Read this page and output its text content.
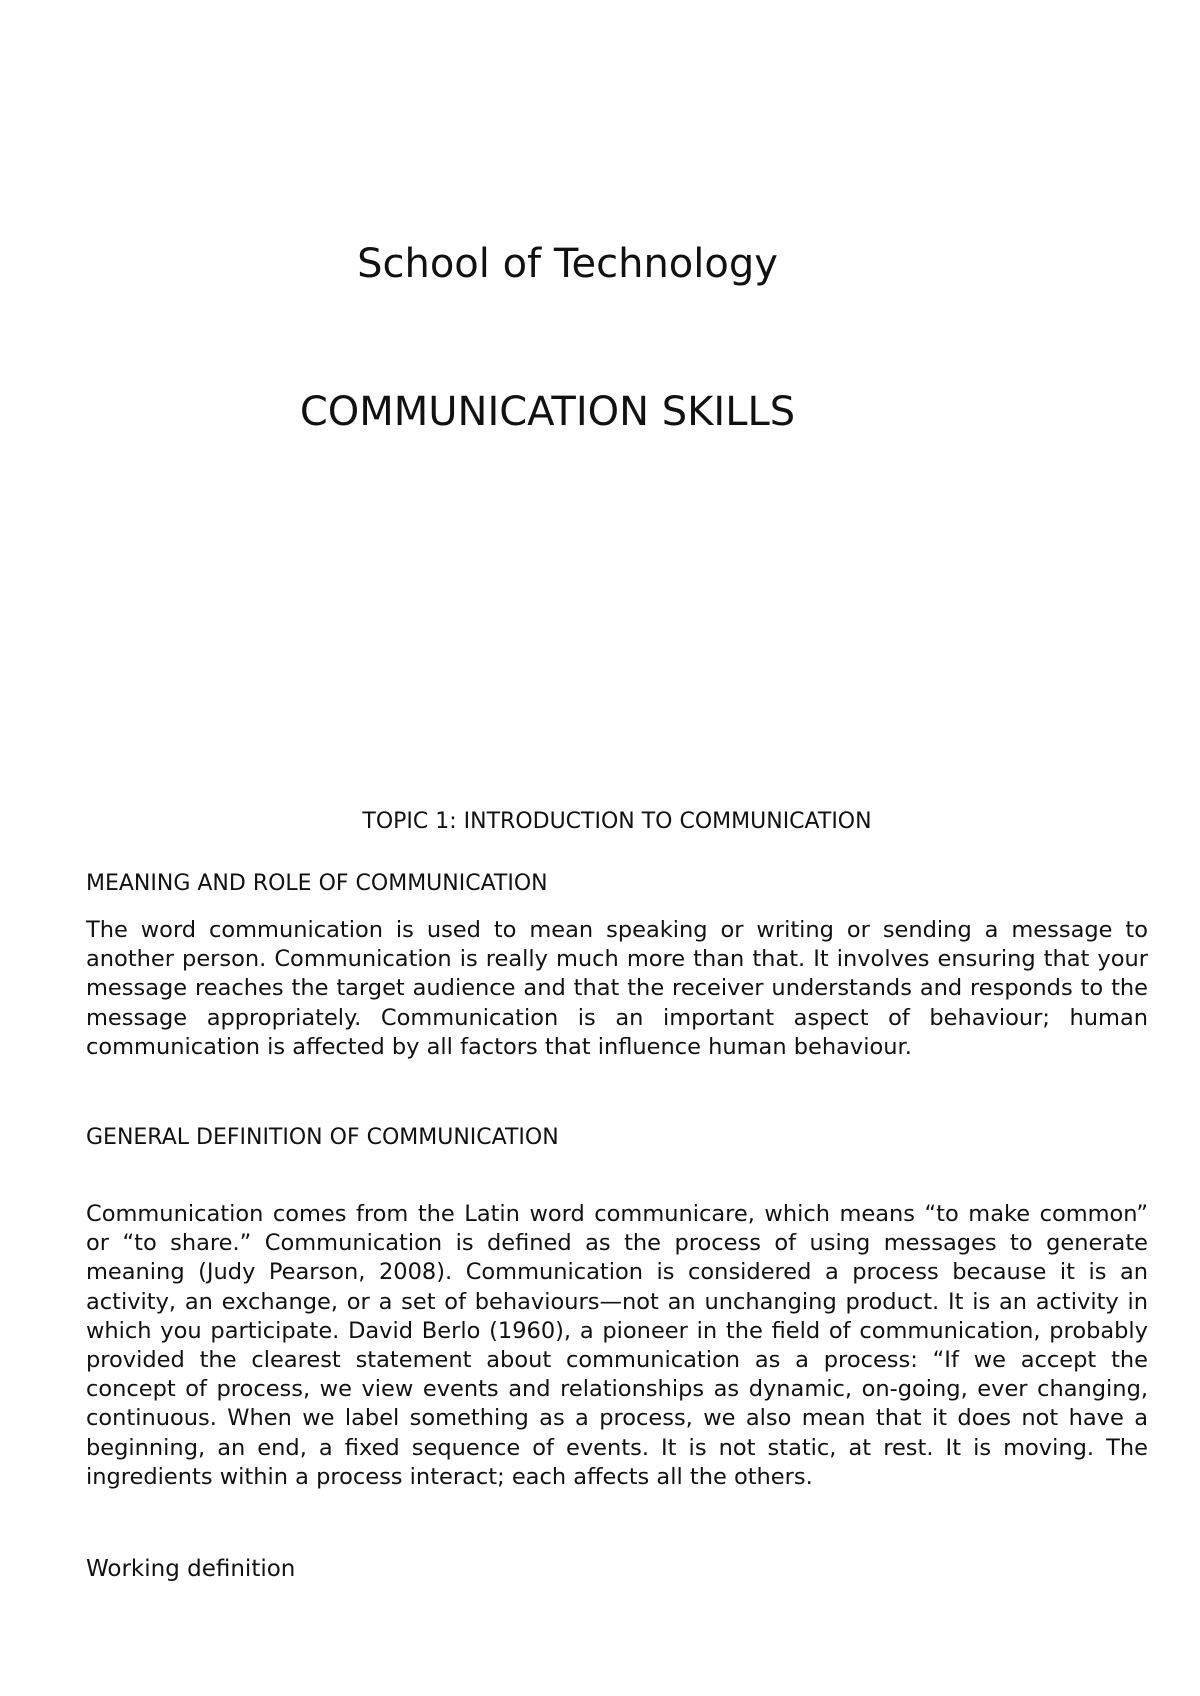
School of Technology
COMMUNICATION SKILLS
TOPIC 1: INTRODUCTION TO COMMUNICATION
MEANING AND ROLE OF COMMUNICATION

The word communication is used to mean speaking or writing or sending a message to another person. Communication is really much more than that. It involves ensuring that your message reaches the target audience and that the receiver understands and responds to the message appropriately. Communication is an important aspect of behaviour; human communication is affected by all factors that influence human behaviour.

GENERAL DEFINITION OF COMMUNICATION

Communication comes from the Latin word communicare, which means “to make common” or “to share.” Communication is defined as the process of using messages to generate meaning (Judy Pearson, 2008). Communication is considered a process because it is an activity, an exchange, or a set of behaviours—not an unchanging product. It is an activity in which you participate. David Berlo (1960), a pioneer in the field of communication, probably provided the clearest statement about communication as a process: “If we accept the concept of process, we view events and relationships as dynamic, on-going, ever changing, continuous. When we label something as a process, we also mean that it does not have a beginning, an end, a fixed sequence of events. It is not static, at rest. It is moving. The ingredients within a process interact; each affects all the others.

Working definition
